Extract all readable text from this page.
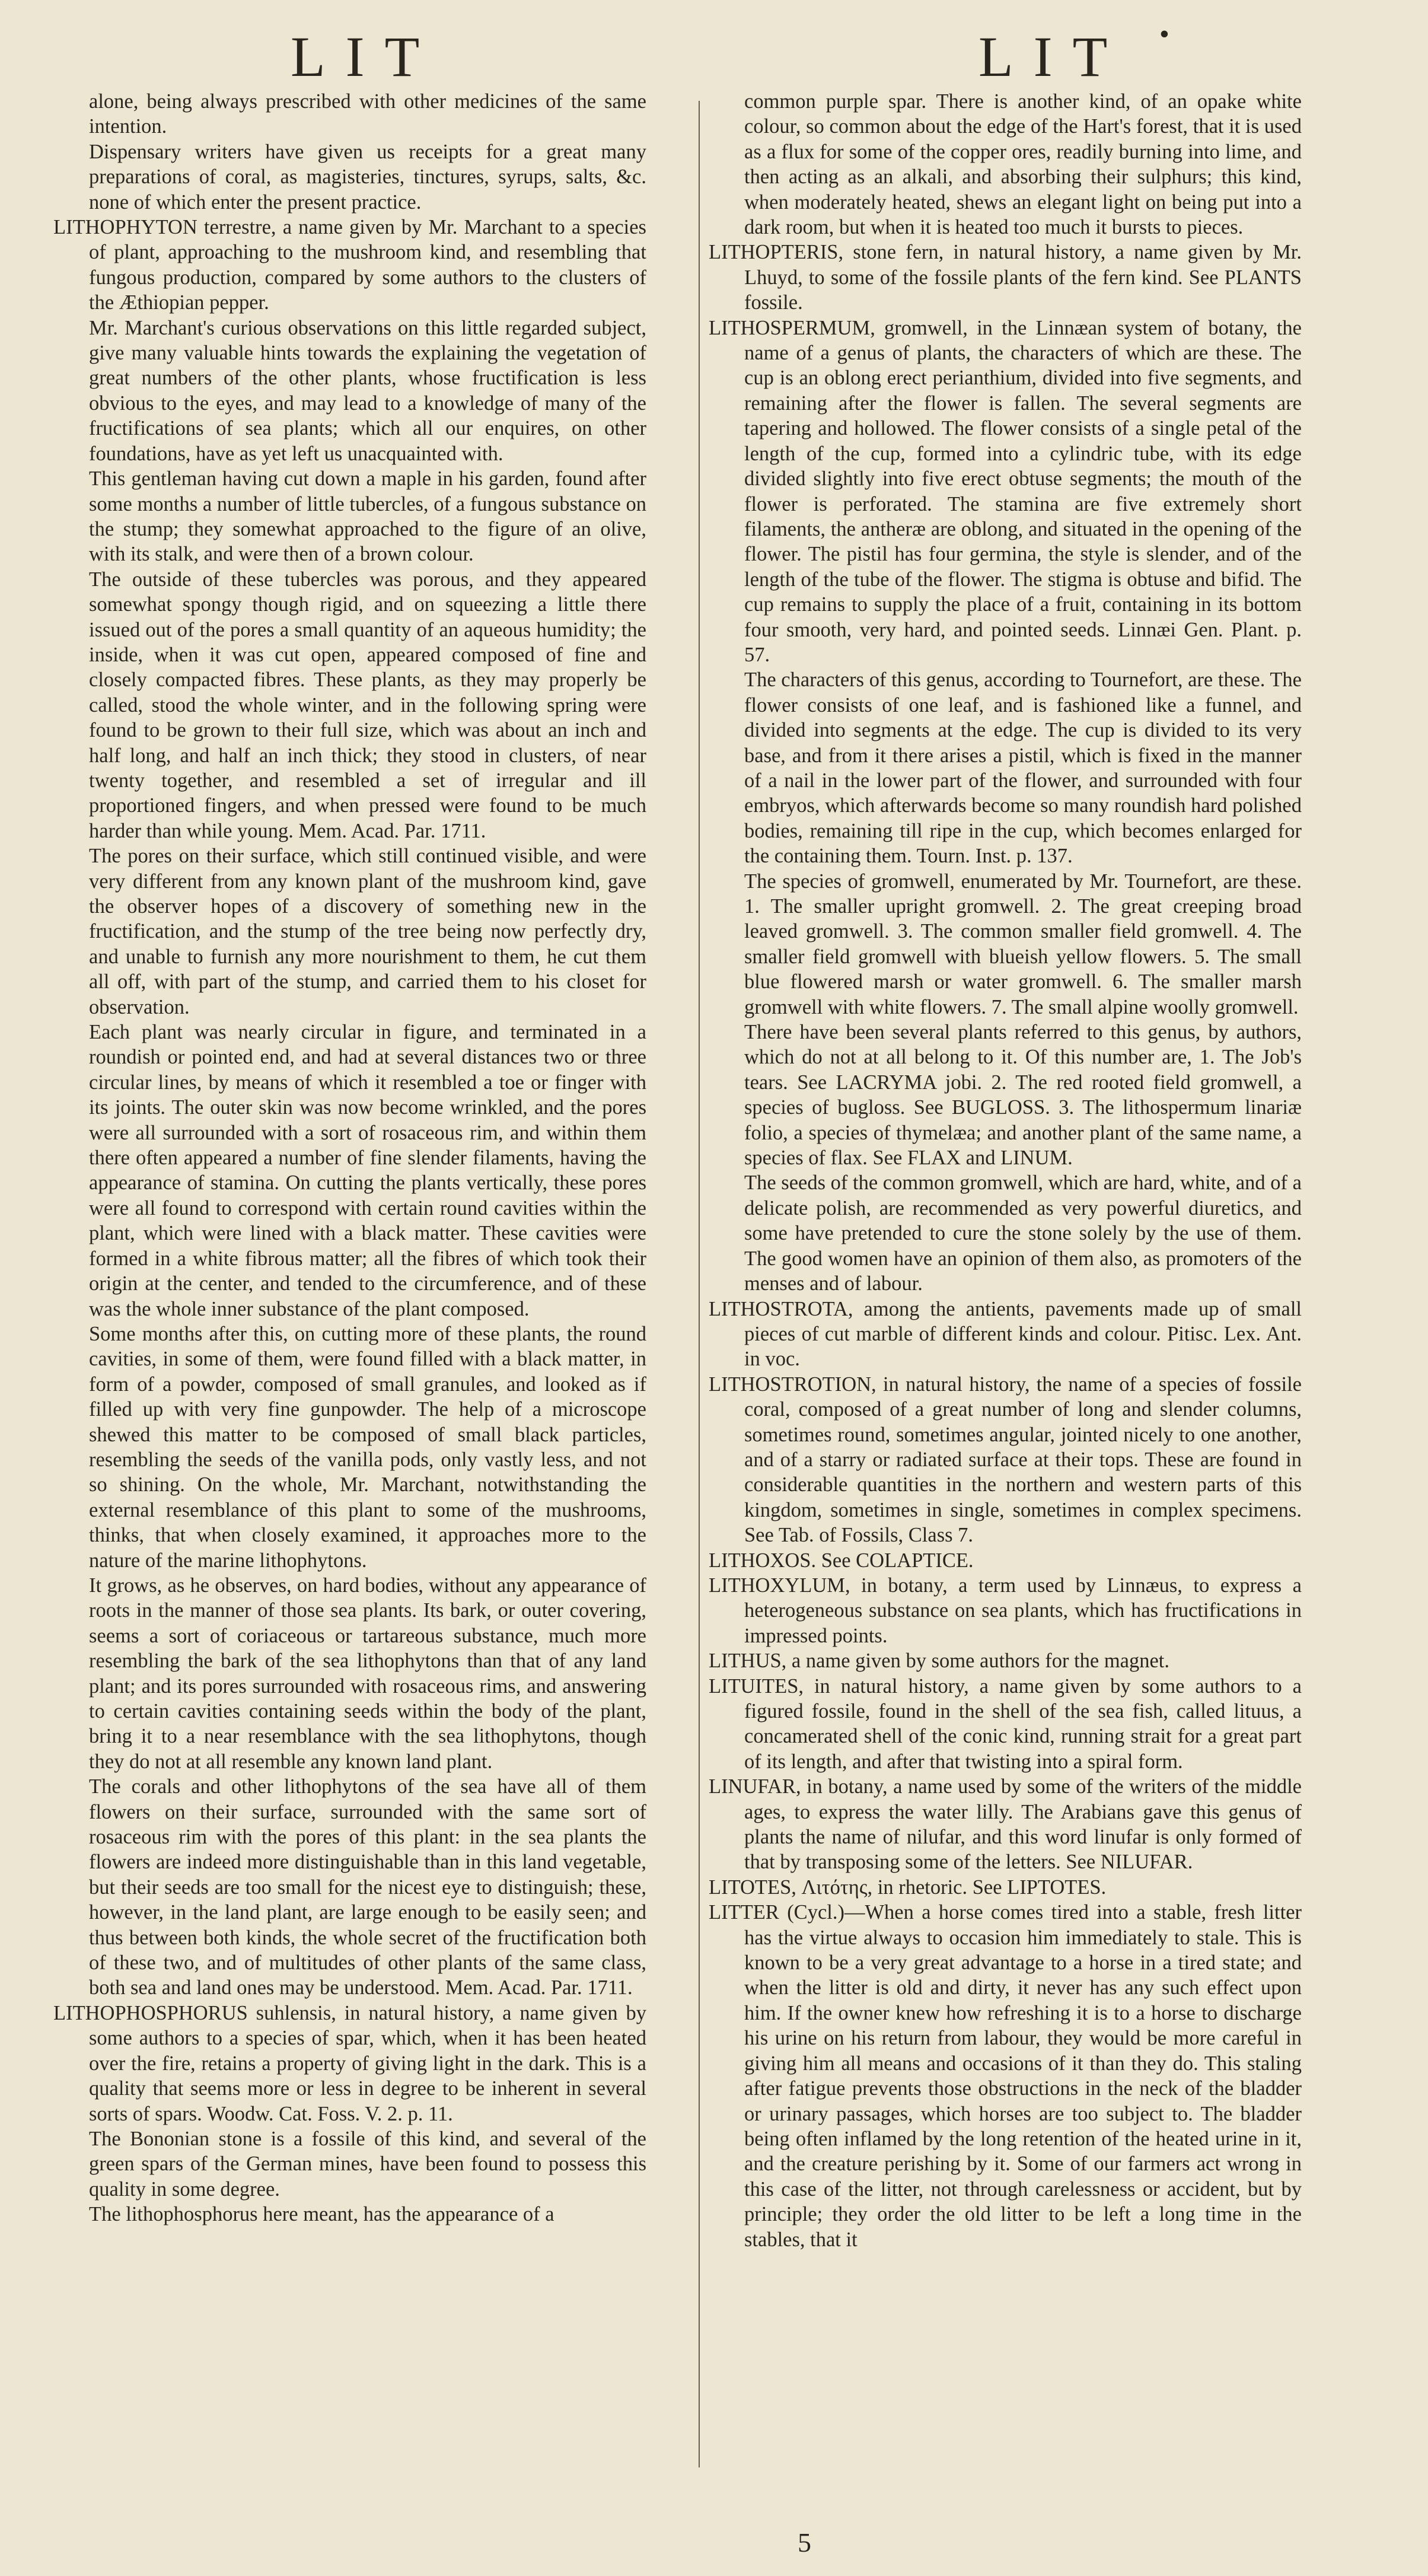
LIT	LIT •

alone, being always prescribed with other medicines of the same intention.

Dispensary writers have given us receipts for a great many preparations of coral, as magisteries, tinctures, syrups, salts, &c. none of which enter the present practice.

LITHOPHYTON terrestre, a name given by Mr. Marchant to a species of plant, approaching to the mushroom kind, and resembling that fungous production, compared by some authors to the clusters of the Æthiopian pepper.

Mr. Marchant's curious observations on this little regarded subject, give many valuable hints towards the explaining the vegetation of great numbers of the other plants, whose fructification is less obvious to the eyes, and may lead to a knowledge of many of the fructifications of sea plants; which all our enquires, on other foundations, have as yet left us unacquainted with.

This gentleman having cut down a maple in his garden, found after some months a number of little tubercles, of a fungous substance on the stump; they somewhat approached to the figure of an olive, with its stalk, and were then of a brown colour.

The outside of these tubercles was porous, and they appeared somewhat spongy though rigid, and on squeezing a little there issued out of the pores a small quantity of an aqueous humidity; the inside, when it was cut open, appeared composed of fine and closely compacted fibres. These plants, as they may properly be called, stood the whole winter, and in the following spring were found to be grown to their full size, which was about an inch and half long, and half an inch thick; they stood in clusters, of near twenty together, and resembled a set of irregular and ill proportioned fingers, and when pressed were found to be much harder than while young. Mem. Acad. Par. 1711.

The pores on their surface, which still continued visible, and were very different from any known plant of the mushroom kind, gave the observer hopes of a discovery of something new in the fructification, and the stump of the tree being now perfectly dry, and unable to furnish any more nourishment to them, he cut them all off, with part of the stump, and carried them to his closet for observation.

Each plant was nearly circular in figure, and terminated in a roundish or pointed end, and had at several distances two or three circular lines, by means of which it resembled a toe or finger with its joints. The outer skin was now become wrinkled, and the pores were all surrounded with a sort of rosaceous rim, and within them there often appeared a number of fine slender filaments, having the appearance of stamina. On cutting the plants vertically, these pores were all found to correspond with certain round cavities within the plant, which were lined with a black matter. These cavities were formed in a white fibrous matter; all the fibres of which took their origin at the center, and tended to the circumference, and of these was the whole inner substance of the plant composed.

Some months after this, on cutting more of these plants, the round cavities, in some of them, were found filled with a black matter, in form of a powder, composed of small granules, and looked as if filled up with very fine gunpowder. The help of a microscope shewed this matter to be composed of small black particles, resembling the seeds of the vanilla pods, only vastly less, and not so shining. On the whole, Mr. Marchant, notwithstanding the external resemblance of this plant to some of the mushrooms, thinks, that when closely examined, it approaches more to the nature of the marine lithophytons.

It grows, as he observes, on hard bodies, without any appearance of roots in the manner of those sea plants. Its bark, or outer covering, seems a sort of coriaceous or tartareous substance, much more resembling the bark of the sea lithophytons than that of any land plant; and its pores surrounded with rosaceous rims, and answering to certain cavities containing seeds within the body of the plant, bring it to a near resemblance with the sea lithophytons, though they do not at all resemble any known land plant.

The corals and other lithophytons of the sea have all of them flowers on their surface, surrounded with the same sort of rosaceous rim with the pores of this plant: in the sea plants the flowers are indeed more distinguishable than in this land vegetable, but their seeds are too small for the nicest eye to distinguish; these, however, in the land plant, are large enough to be easily seen; and thus between both kinds, the whole secret of the fructification both of these two, and of multitudes of other plants of the same class, both sea and land ones may be understood. Mem. Acad. Par. 1711.

LITHOPHOSPHORUS suhlensis, in natural history, a name given by some authors to a species of spar, which, when it has been heated over the fire, retains a property of giving light in the dark. This is a quality that seems more or less in degree to be inherent in several sorts of spars. Woodw. Cat. Foss. V. 2. p. 11.

The Bononian stone is a fossile of this kind, and several of the green spars of the German mines, have been found to possess this quality in some degree.

The lithophosphorus here meant, has the appearance of a

common purple spar. There is another kind, of an opake white colour, so common about the edge of the Hart's forest, that it is used as a flux for some of the copper ores, readily burning into lime, and then acting as an alkali, and absorbing their sulphurs; this kind, when moderately heated, shews an elegant light on being put into a dark room, but when it is heated too much it bursts to pieces.

LITHOPTERIS, stone fern, in natural history, a name given by Mr. Lhuyd, to some of the fossile plants of the fern kind. See PLANTS fossile.

LITHOSPERMUM, gromwell, in the Linnæan system of botany, the name of a genus of plants, the characters of which are these. The cup is an oblong erect perianthium, divided into five segments, and remaining after the flower is fallen. The several segments are tapering and hollowed. The flower consists of a single petal of the length of the cup, formed into a cylindric tube, with its edge divided slightly into five erect obtuse segments; the mouth of the flower is perforated. The stamina are five extremely short filaments, the antheræ are oblong, and situated in the opening of the flower. The pistil has four germina, the style is slender, and of the length of the tube of the flower. The stigma is obtuse and bifid. The cup remains to supply the place of a fruit, containing in its bottom four smooth, very hard, and pointed seeds. Linnæi Gen. Plant. p. 57.

The characters of this genus, according to Tournefort, are these. The flower consists of one leaf, and is fashioned like a funnel, and divided into segments at the edge. The cup is divided to its very base, and from it there arises a pistil, which is fixed in the manner of a nail in the lower part of the flower, and surrounded with four embryos, which afterwards become so many roundish hard polished bodies, remaining till ripe in the cup, which becomes enlarged for the containing them. Tourn. Inst. p. 137.

The species of gromwell, enumerated by Mr. Tournefort, are these. 1. The smaller upright gromwell. 2. The great creeping broad leaved gromwell. 3. The common smaller field gromwell. 4. The smaller field gromwell with blueish yellow flowers. 5. The small blue flowered marsh or water gromwell. 6. The smaller marsh gromwell with white flowers. 7. The small alpine woolly gromwell.

There have been several plants referred to this genus, by authors, which do not at all belong to it. Of this number are, 1. The Job's tears. See LACRYMA jobi. 2. The red rooted field gromwell, a species of bugloss. See BUGLOSS. 3. The lithospermum linariæ folio, a species of thymelæa; and another plant of the same name, a species of flax. See FLAX and LINUM.

The seeds of the common gromwell, which are hard, white, and of a delicate polish, are recommended as very powerful diuretics, and some have pretended to cure the stone solely by the use of them. The good women have an opinion of them also, as promoters of the menses and of labour.

LITHOSTROTA, among the antients, pavements made up of small pieces of cut marble of different kinds and colour. Pitisc. Lex. Ant. in voc.

LITHOSTROTION, in natural history, the name of a species of fossile coral, composed of a great number of long and slender columns, sometimes round, sometimes angular, jointed nicely to one another, and of a starry or radiated surface at their tops. These are found in considerable quantities in the northern and western parts of this kingdom, sometimes in single, sometimes in complex specimens. See Tab. of Fossils, Class 7.

LITHOXOS. See COLAPTICE.

LITHOXYLUM, in botany, a term used by Linnæus, to express a heterogeneous substance on sea plants, which has fructifications in impressed points.

LITHUS, a name given by some authors for the magnet.

LITUITES, in natural history, a name given by some authors to a figured fossile, found in the shell of the sea fish, called lituus, a concamerated shell of the conic kind, running strait for a great part of its length, and after that twisting into a spiral form.

LINUFAR, in botany, a name used by some of the writers of the middle ages, to express the water lilly. The Arabians gave this genus of plants the name of nilufar, and this word linufar is only formed of that by transposing some of the letters. See NILUFAR.

LITOTES, Λιτότης, in rhetoric. See LIPTOTES.

LITTER (Cycl.)—When a horse comes tired into a stable, fresh litter has the virtue always to occasion him immediately to stale. This is known to be a very great advantage to a horse in a tired state; and when the litter is old and dirty, it never has any such effect upon him. If the owner knew how refreshing it is to a horse to discharge his urine on his return from labour, they would be more careful in giving him all means and occasions of it than they do. This staling after fatigue prevents those obstructions in the neck of the bladder or urinary passages, which horses are too subject to. The bladder being often inflamed by the long retention of the heated urine in it, and the creature perishing by it. Some of our farmers act wrong in this case of the litter, not through carelessness or accident, but by principle; they order the old litter to be left a long time in the stables, that it

5
